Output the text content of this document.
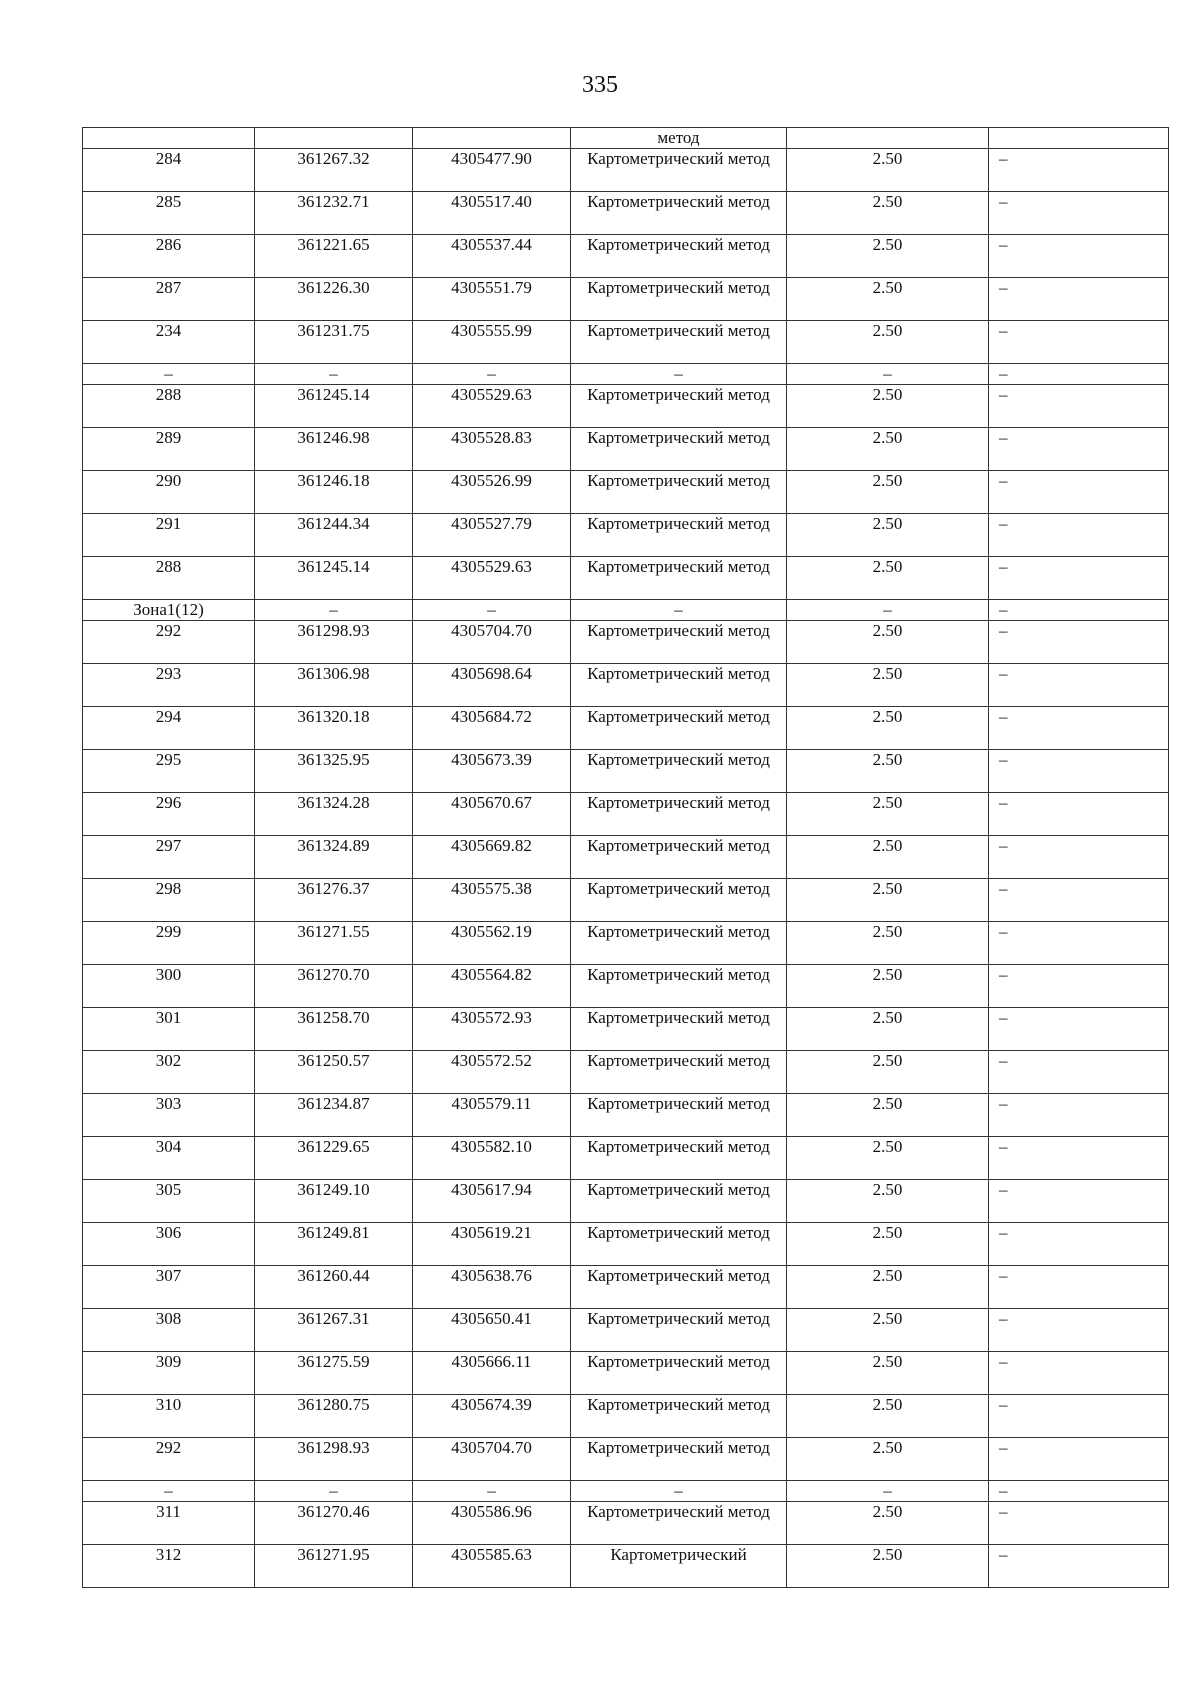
335
			метод		
284	361267.32	4305477.90	Картометрический метод	2.50	–
285	361232.71	4305517.40	Картометрический метод	2.50	–
286	361221.65	4305537.44	Картометрический метод	2.50	–
287	361226.30	4305551.79	Картометрический метод	2.50	–
234	361231.75	4305555.99	Картометрический метод	2.50	–
–	–	–	–	–	–
288	361245.14	4305529.63	Картометрический метод	2.50	–
289	361246.98	4305528.83	Картометрический метод	2.50	–
290	361246.18	4305526.99	Картометрический метод	2.50	–
291	361244.34	4305527.79	Картометрический метод	2.50	–
288	361245.14	4305529.63	Картометрический метод	2.50	–
Зона1(12)	–	–	–	–	–
292	361298.93	4305704.70	Картометрический метод	2.50	–
293	361306.98	4305698.64	Картометрический метод	2.50	–
294	361320.18	4305684.72	Картометрический метод	2.50	–
295	361325.95	4305673.39	Картометрический метод	2.50	–
296	361324.28	4305670.67	Картометрический метод	2.50	–
297	361324.89	4305669.82	Картометрический метод	2.50	–
298	361276.37	4305575.38	Картометрический метод	2.50	–
299	361271.55	4305562.19	Картометрический метод	2.50	–
300	361270.70	4305564.82	Картометрический метод	2.50	–
301	361258.70	4305572.93	Картометрический метод	2.50	–
302	361250.57	4305572.52	Картометрический метод	2.50	–
303	361234.87	4305579.11	Картометрический метод	2.50	–
304	361229.65	4305582.10	Картометрический метод	2.50	–
305	361249.10	4305617.94	Картометрический метод	2.50	–
306	361249.81	4305619.21	Картометрический метод	2.50	–
307	361260.44	4305638.76	Картометрический метод	2.50	–
308	361267.31	4305650.41	Картометрический метод	2.50	–
309	361275.59	4305666.11	Картометрический метод	2.50	–
310	361280.75	4305674.39	Картометрический метод	2.50	–
292	361298.93	4305704.70	Картометрический метод	2.50	–
–	–	–	–	–	–
311	361270.46	4305586.96	Картометрический метод	2.50	–
312	361271.95	4305585.63	Картометрический	2.50	–
